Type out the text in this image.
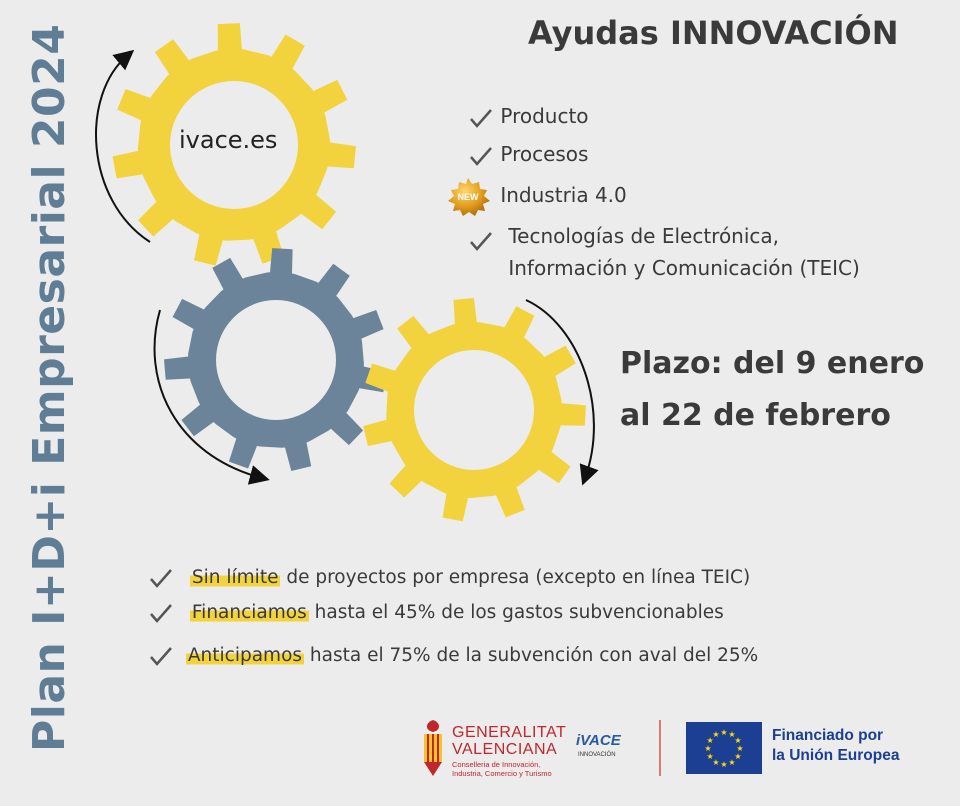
ivace.es
Plan I+D+i Empresarial 2024	Ayudas INNOVACIÓN
Producto
Procesos
NEW Industria 4.0
Tecnologías de Electrónica,
Información y Comunicación (TEIC)
Plazo: del 9 enero
al 22 de febrero
Sin límite de proyectos por empresa (excepto en línea TEIC)
Financiamos hasta el 45% de los gastos subvencionables
Anticipamos hasta el 75% de la subvención con aval del 25%
GENERALITAT
VALENCIANA
Conselleria de Innovación,
Industria, Comercio y Turismo
iVACE
INNOVACIÓN
★
★
★
★
★
★
★
★
★ ★ ★
★ Financiado por
la Unión Europea
